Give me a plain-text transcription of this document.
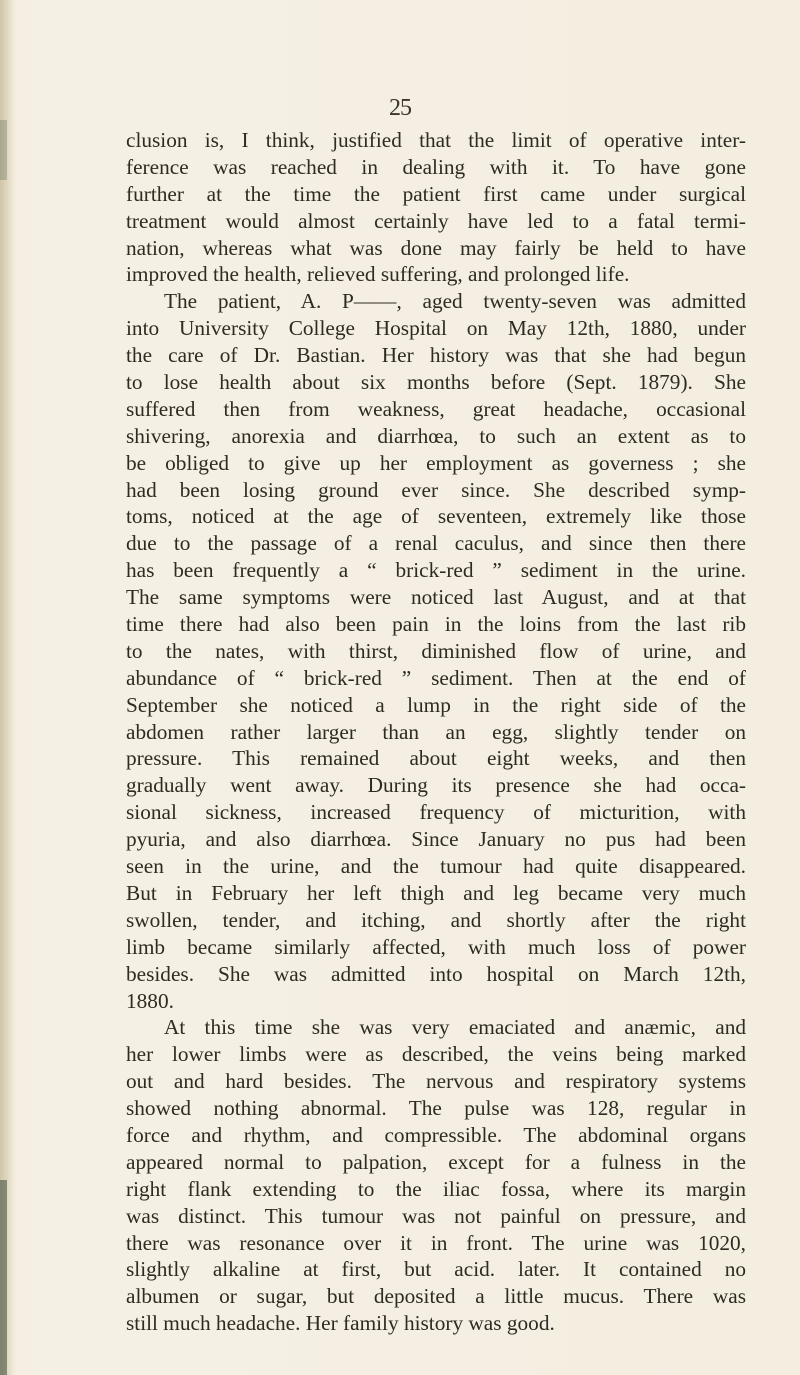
25
clusion is, I think, justified that the limit of operative inter-
ference was reached in dealing with it. To have gone
further at the time the patient first came under surgical
treatment would almost certainly have led to a fatal termi-
nation, whereas what was done may fairly be held to have
improved the health, relieved suffering, and prolonged life.
The patient, A. P——, aged twenty-seven was admitted
into University College Hospital on May 12th, 1880, under
the care of Dr. Bastian. Her history was that she had begun
to lose health about six months before (Sept. 1879). She
suffered then from weakness, great headache, occasional
shivering, anorexia and diarrhœa, to such an extent as to
be obliged to give up her employment as governess ; she
had been losing ground ever since. She described symp-
toms, noticed at the age of seventeen, extremely like those
due to the passage of a renal caculus, and since then there
has been frequently a “ brick-red ” sediment in the urine.
The same symptoms were noticed last August, and at that
time there had also been pain in the loins from the last rib
to the nates, with thirst, diminished flow of urine, and
abundance of “ brick-red ” sediment. Then at the end of
September she noticed a lump in the right side of the
abdomen rather larger than an egg, slightly tender on
pressure. This remained about eight weeks, and then
gradually went away. During its presence she had occa-
sional sickness, increased frequency of micturition, with
pyuria, and also diarrhœa. Since January no pus had been
seen in the urine, and the tumour had quite disappeared.
But in February her left thigh and leg became very much
swollen, tender, and itching, and shortly after the right
limb became similarly affected, with much loss of power
besides. She was admitted into hospital on March 12th,
1880.
At this time she was very emaciated and anæmic, and
her lower limbs were as described, the veins being marked
out and hard besides. The nervous and respiratory systems
showed nothing abnormal. The pulse was 128, regular in
force and rhythm, and compressible. The abdominal organs
appeared normal to palpation, except for a fulness in the
right flank extending to the iliac fossa, where its margin
was distinct. This tumour was not painful on pressure, and
there was resonance over it in front. The urine was 1020,
slightly alkaline at first, but acid. later. It contained no
albumen or sugar, but deposited a little mucus. There was
still much headache. Her family history was good.
